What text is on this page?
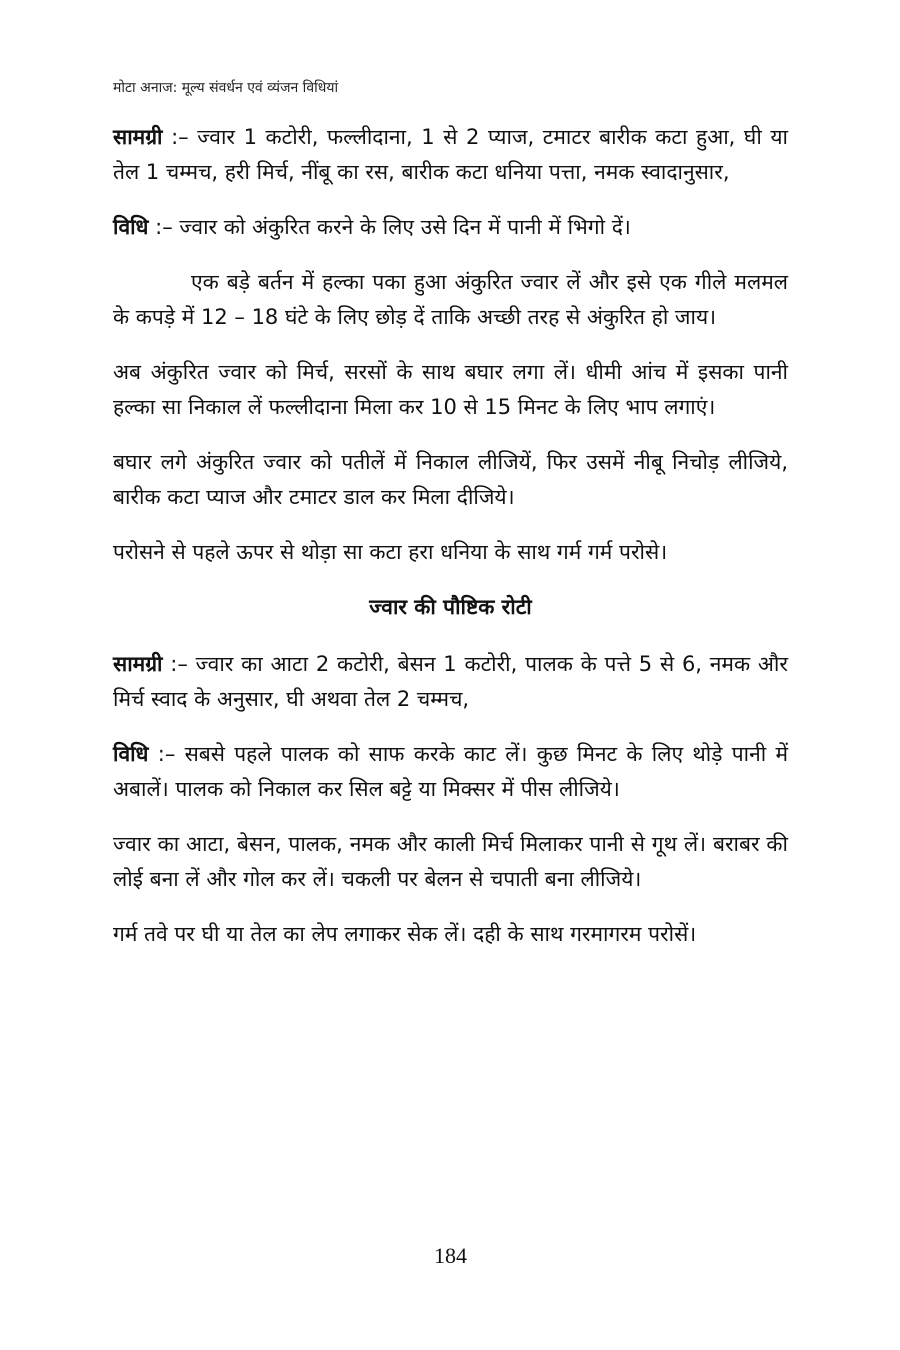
मोटा अनाज: मूल्य संवर्धन एवं व्यंजन विधियां

सामग्री :– ज्वार 1 कटोरी, फल्लीदाना, 1 से 2 प्याज, टमाटर बारीक कटा हुआ, घी या तेल 1 चम्मच, हरी मिर्च, नींबू का रस, बारीक कटा धनिया पत्ता, नमक स्वादानुसार,

विधि :– ज्वार को अंकुरित करने के लिए उसे दिन में पानी में भिगो दें।

एक बड़े बर्तन में हल्का पका हुआ अंकुरित ज्वार लें और इसे एक गीले मलमल के कपड़े में 12 – 18 घंटे के लिए छोड़ दें ताकि अच्छी तरह से अंकुरित हो जाय।

अब अंकुरित ज्वार को मिर्च, सरसों के साथ बघार लगा लें। धीमी आंच में इसका पानी हल्का सा निकाल लें फल्लीदाना मिला कर 10 से 15 मिनट के लिए भाप लगाएं।

बघार लगे अंकुरित ज्वार को पतीलें में निकाल लीजियें, फिर उसमें नीबू निचोड़ लीजिये, बारीक कटा प्याज और टमाटर डाल कर मिला दीजिये।

परोसने से पहले ऊपर से थोड़ा सा कटा हरा धनिया के साथ गर्म गर्म परोसे।

ज्वार की पौष्टिक रोटी

सामग्री :– ज्वार का आटा 2 कटोरी, बेसन 1 कटोरी, पालक के पत्ते 5 से 6, नमक और मिर्च स्वाद के अनुसार, घी अथवा तेल 2 चम्मच,

विधि :– सबसे पहले पालक को साफ करके काट लें। कुछ मिनट के लिए थोड़े पानी में अबालें। पालक को निकाल कर सिल बट्टे या मिक्सर में पीस लीजिये।

ज्वार का आटा, बेसन, पालक, नमक और काली मिर्च मिलाकर पानी से गूथ लें। बराबर की लोई बना लें और गोल कर लें। चकली पर बेलन से चपाती बना लीजिये।

गर्म तवे पर घी या तेल का लेप लगाकर सेक लें। दही के साथ गरमागरम परोसें।

184
